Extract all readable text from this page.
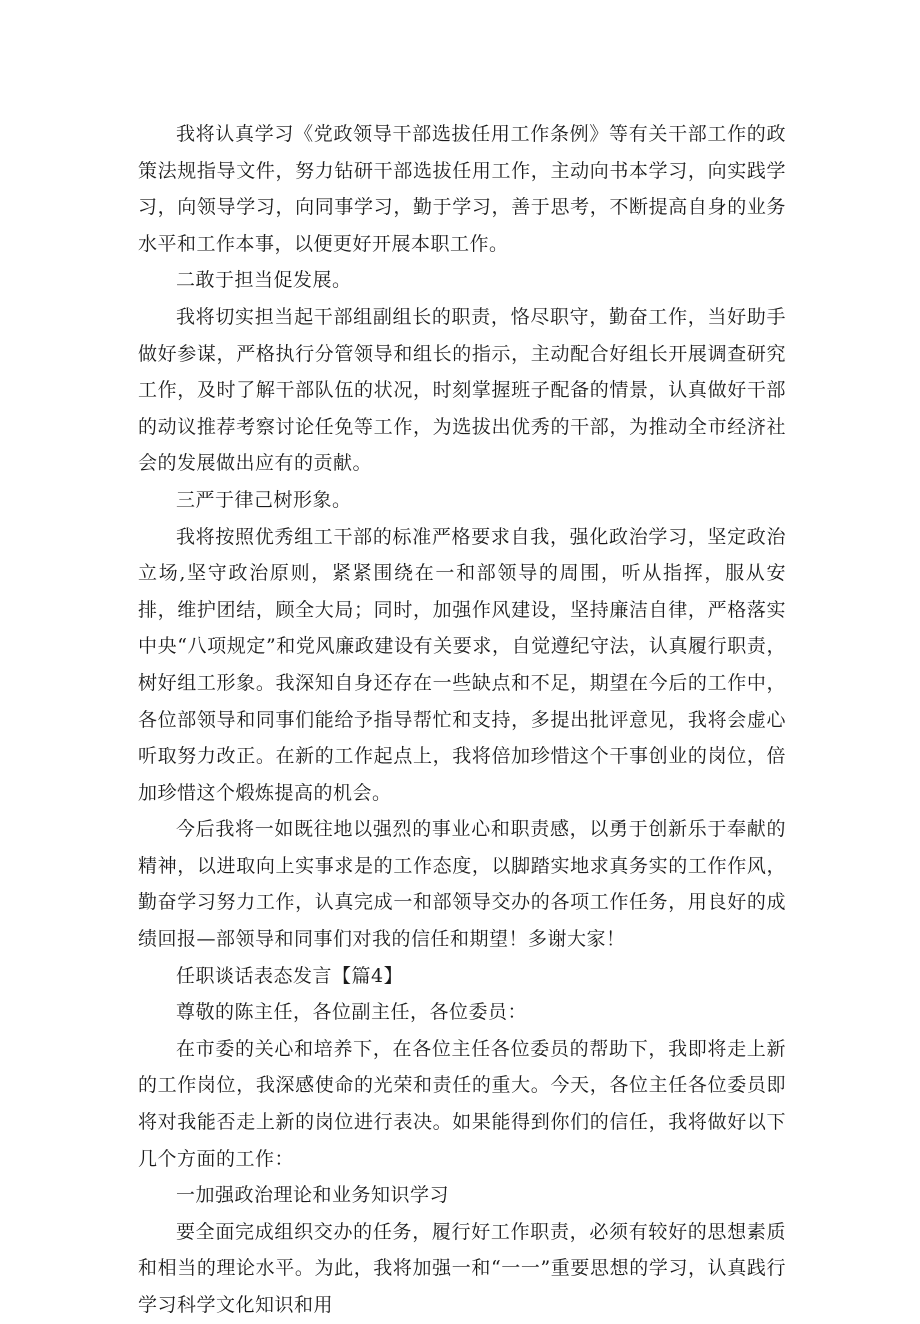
我将认真学习《党政领导干部选拔任用工作条例》等有关干部工作的政策法规指导文件，努力钻研干部选拔任用工作，主动向书本学习，向实践学习，向领导学习，向同事学习，勤于学习，善于思考，不断提高自身的业务水平和工作本事，以便更好开展本职工作。

二敢于担当促发展。

我将切实担当起干部组副组长的职责，恪尽职守，勤奋工作，当好助手做好参谋，严格执行分管领导和组长的指示，主动配合好组长开展调查研究工作，及时了解干部队伍的状况，时刻掌握班子配备的情景，认真做好干部的动议推荐考察讨论任免等工作，为选拔出优秀的干部，为推动全市经济社会的发展做出应有的贡献。

三严于律己树形象。

我将按照优秀组工干部的标准严格要求自我，强化政治学习，坚定政治立场,坚守政治原则，紧紧围绕在一和部领导的周围，听从指挥，服从安排，维护团结，顾全大局；同时，加强作风建设，坚持廉洁自律，严格落实中央“八项规定”和党风廉政建设有关要求，自觉遵纪守法，认真履行职责，树好组工形象。我深知自身还存在一些缺点和不足，期望在今后的工作中，各位部领导和同事们能给予指导帮忙和支持，多提出批评意见，我将会虚心听取努力改正。在新的工作起点上，我将倍加珍惜这个干事创业的岗位，倍加珍惜这个煅炼提高的机会。

今后我将一如既往地以强烈的事业心和职责感，以勇于创新乐于奉献的精神，以进取向上实事求是的工作态度，以脚踏实地求真务实的工作作风，勤奋学习努力工作，认真完成一和部领导交办的各项工作任务，用良好的成绩回报—部领导和同事们对我的信任和期望！多谢大家！

任职谈话表态发言【篇4】

尊敬的陈主任，各位副主任，各位委员：

在市委的关心和培养下，在各位主任各位委员的帮助下，我即将走上新的工作岗位，我深感使命的光荣和责任的重大。今天，各位主任各位委员即将对我能否走上新的岗位进行表决。如果能得到你们的信任，我将做好以下几个方面的工作：

一加强政治理论和业务知识学习

要全面完成组织交办的任务，履行好工作职责，必须有较好的思想素质和相当的理论水平。为此，我将加强一和“一一”重要思想的学习，认真践行学习科学文化知识和用
